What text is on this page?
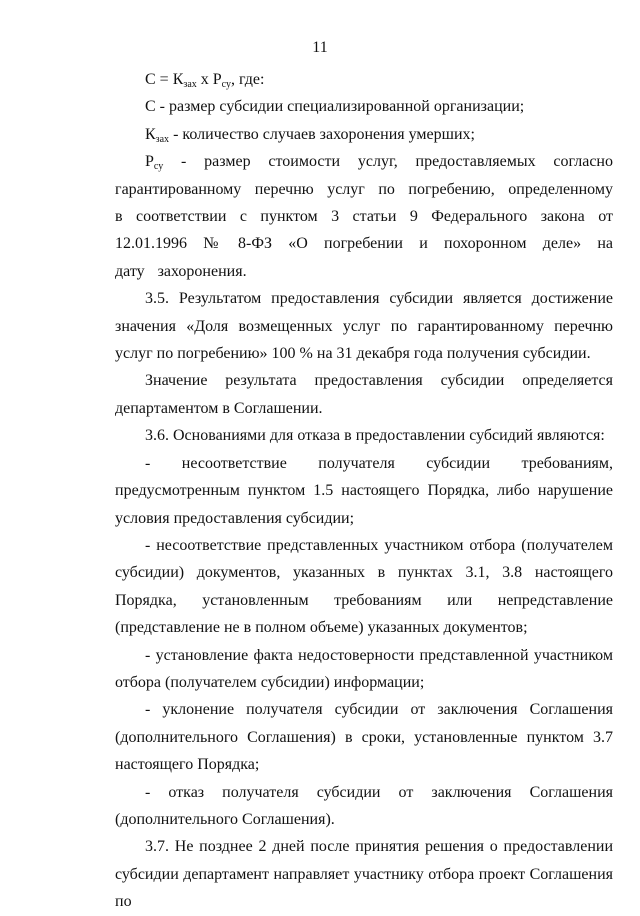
11

$С = К_{зах}$ х $Р_{су}$, где:

С - размер субсидии специализированной организации;

$К_{зах}$ - количество случаев захоронения умерших;

$Р_{су}$ - размер стоимости услуг, предоставляемых согласно гарантированному перечню услуг по погребению, определенному в соответствии с пунктом 3 статьи 9 Федерального закона от 12.01.1996 № 8-ФЗ «О погребении и похоронном деле» на дату захоронения.

3.5. Результатом предоставления субсидии является достижение значения «Доля возмещенных услуг по гарантированному перечню услуг по погребению» 100 % на 31 декабря года получения субсидии.

Значение результата предоставления субсидии определяется департаментом в Соглашении.

3.6. Основаниями для отказа в предоставлении субсидий являются:

- несоответствие получателя субсидии требованиям, предусмотренным пунктом 1.5 настоящего Порядка, либо нарушение условия предоставления субсидии;

- несоответствие представленных участником отбора (получателем субсидии) документов, указанных в пунктах 3.1, 3.8 настоящего Порядка, установленным требованиям или непредставление (представление не в полном объеме) указанных документов;

- установление факта недостоверности представленной участником отбора (получателем субсидии) информации;

- уклонение получателя субсидии от заключения Соглашения (дополнительного Соглашения) в сроки, установленные пунктом 3.7 настоящего Порядка;

- отказ получателя субсидии от заключения Соглашения (дополнительного Соглашения).

3.7. Не позднее 2 дней после принятия решения о предоставлении субсидии департамент направляет участнику отбора проект Соглашения по
